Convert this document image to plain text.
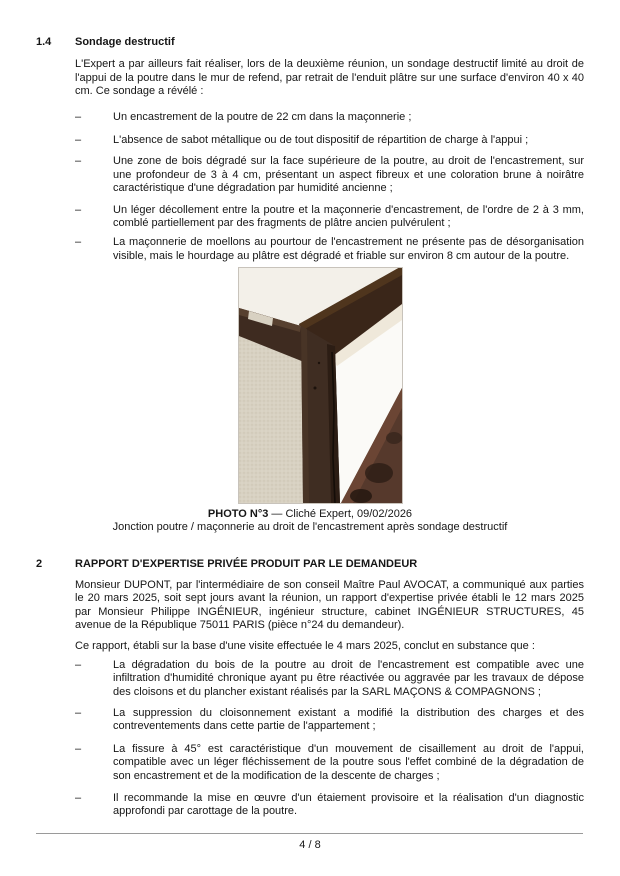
1.4	Sondage destructif

L'Expert a par ailleurs fait réaliser, lors de la deuxième réunion, un sondage destructif limité au droit de l'appui de la poutre dans le mur de refend, par retrait de l'enduit plâtre sur une surface d'environ 40 x 40 cm. Ce sondage a révélé :

–	Un encastrement de la poutre de 22 cm dans la maçonnerie ;
–	L'absence de sabot métallique ou de tout dispositif de répartition de charge à l'appui ;
–	Une zone de bois dégradé sur la face supérieure de la poutre, au droit de l'encastrement, sur une profondeur de 3 à 4 cm, présentant un aspect fibreux et une coloration brune à noirâtre caractéristique d'une dégradation par humidité ancienne ;
–	Un léger décollement entre la poutre et la maçonnerie d'encastrement, de l'ordre de 2 à 3 mm, comblé partiellement par des fragments de plâtre ancien pulvérulent ;
–	La maçonnerie de moellons au pourtour de l'encastrement ne présente pas de désorganisation visible, mais le hourdage au plâtre est dégradé et friable sur environ 8 cm autour de la poutre.
PHOTO N°3 — Cliché Expert, 09/02/2026
Jonction poutre / maçonnerie au droit de l'encastrement après sondage destructif
2	RAPPORT D'EXPERTISE PRIVÉE PRODUIT PAR LE DEMANDEUR

Monsieur DUPONT, par l'intermédiaire de son conseil Maître Paul AVOCAT, a communiqué aux parties le 20 mars 2025, soit sept jours avant la réunion, un rapport d'expertise privée établi le 12 mars 2025 par Monsieur Philippe INGÉNIEUR, ingénieur structure, cabinet INGÉNIEUR STRUCTURES, 45 avenue de la République 75011 PARIS (pièce n°24 du demandeur).

Ce rapport, établi sur la base d'une visite effectuée le 4 mars 2025, conclut en substance que :

–	La dégradation du bois de la poutre au droit de l'encastrement est compatible avec une infiltration d'humidité chronique ayant pu être réactivée ou aggravée par les travaux de dépose des cloisons et du plancher existant réalisés par la SARL MAÇONS & COMPAGNONS ;
–	La suppression du cloisonnement existant a modifié la distribution des charges et des contreventements dans cette partie de l'appartement ;
–	La fissure à 45° est caractéristique d'un mouvement de cisaillement au droit de l'appui, compatible avec un léger fléchissement de la poutre sous l'effet combiné de la dégradation de son encastrement et de la modification de la descente de charges ;
–	Il recommande la mise en œuvre d'un étaiement provisoire et la réalisation d'un diagnostic approfondi par carottage de la poutre.
4 / 8
